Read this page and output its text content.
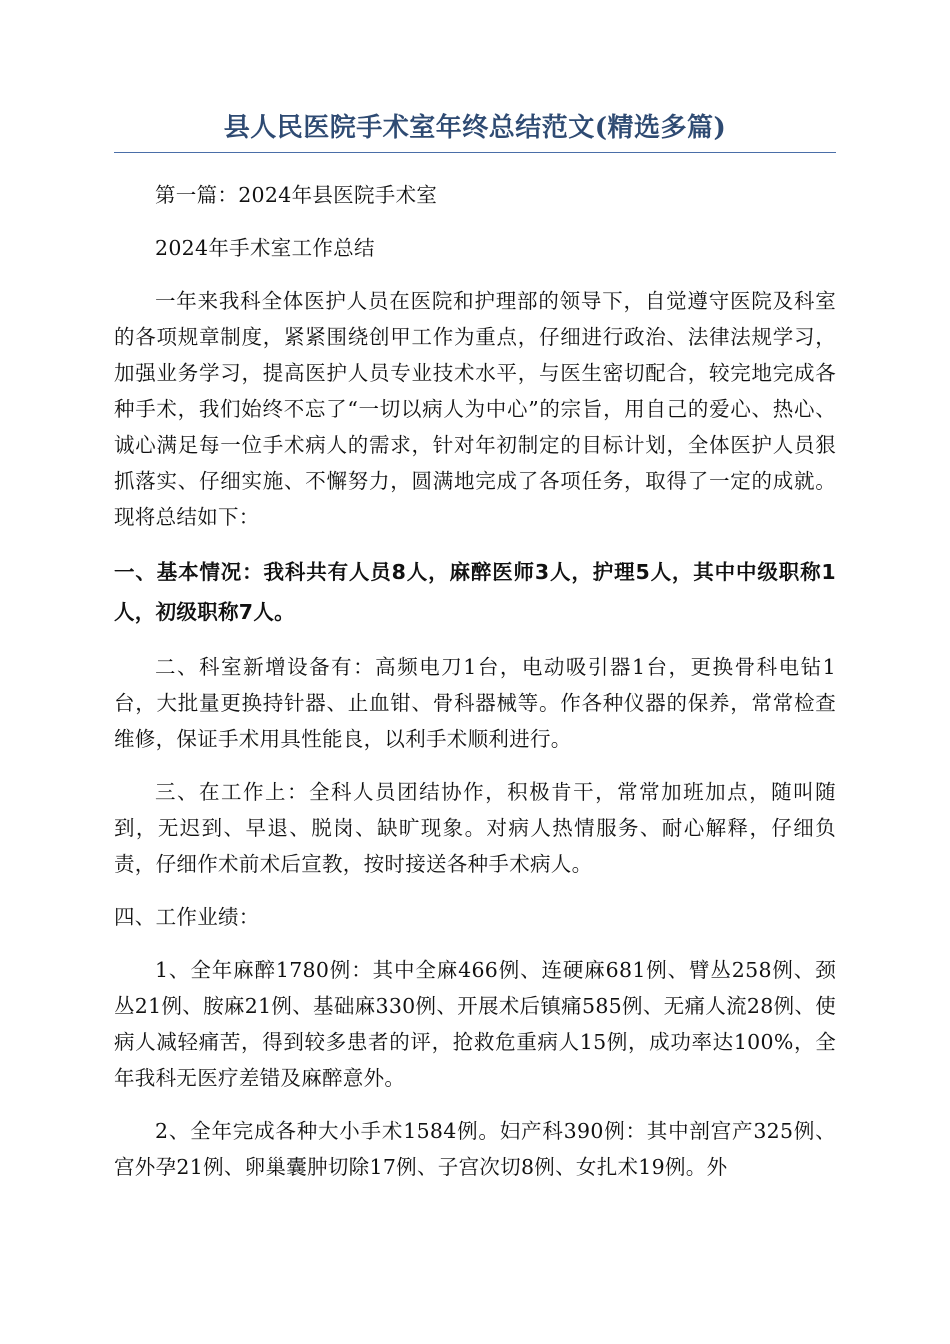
县人民医院手术室年终总结范文(精选多篇)

第一篇：2024年县医院手术室

2024年手术室工作总结

一年来我科全体医护人员在医院和护理部的领导下，自觉遵守医院及科室的各项规章制度，紧紧围绕创甲工作为重点，仔细进行政治、法律法规学习，加强业务学习，提高医护人员专业技术水平，与医生密切配合，较完地完成各种手术，我们始终不忘了“一切以病人为中心”的宗旨，用自己的爱心、热心、诚心满足每一位手术病人的需求，针对年初制定的目标计划，全体医护人员狠抓落实、仔细实施、不懈努力，圆满地完成了各项任务，取得了一定的成就。现将总结如下：

一、基本情况：我科共有人员8人，麻醉医师3人，护理5人，其中中级职称1人，初级职称7人。

二、科室新增设备有：高频电刀1台，电动吸引器1台，更换骨科电钻1台，大批量更换持针器、止血钳、骨科器械等。作各种仪器的保养，常常检查维修，保证手术用具性能良，以利手术顺利进行。

三、在工作上：全科人员团结协作，积极肯干，常常加班加点，随叫随到，无迟到、早退、脱岗、缺旷现象。对病人热情服务、耐心解释，仔细负责，仔细作术前术后宣教，按时接送各种手术病人。

四、工作业绩：

1、全年麻醉1780例：其中全麻466例、连硬麻681例、臂丛258例、颈丛21例、胺麻21例、基础麻330例、开展术后镇痛585例、无痛人流28例、使病人减轻痛苦，得到较多患者的评，抢救危重病人15例，成功率达100%，全年我科无医疗差错及麻醉意外。

2、全年完成各种大小手术1584例。妇产科390例：其中剖宫产325例、宫外孕21例、卵巢囊肿切除17例、子宫次切8例、女扎术19例。外
